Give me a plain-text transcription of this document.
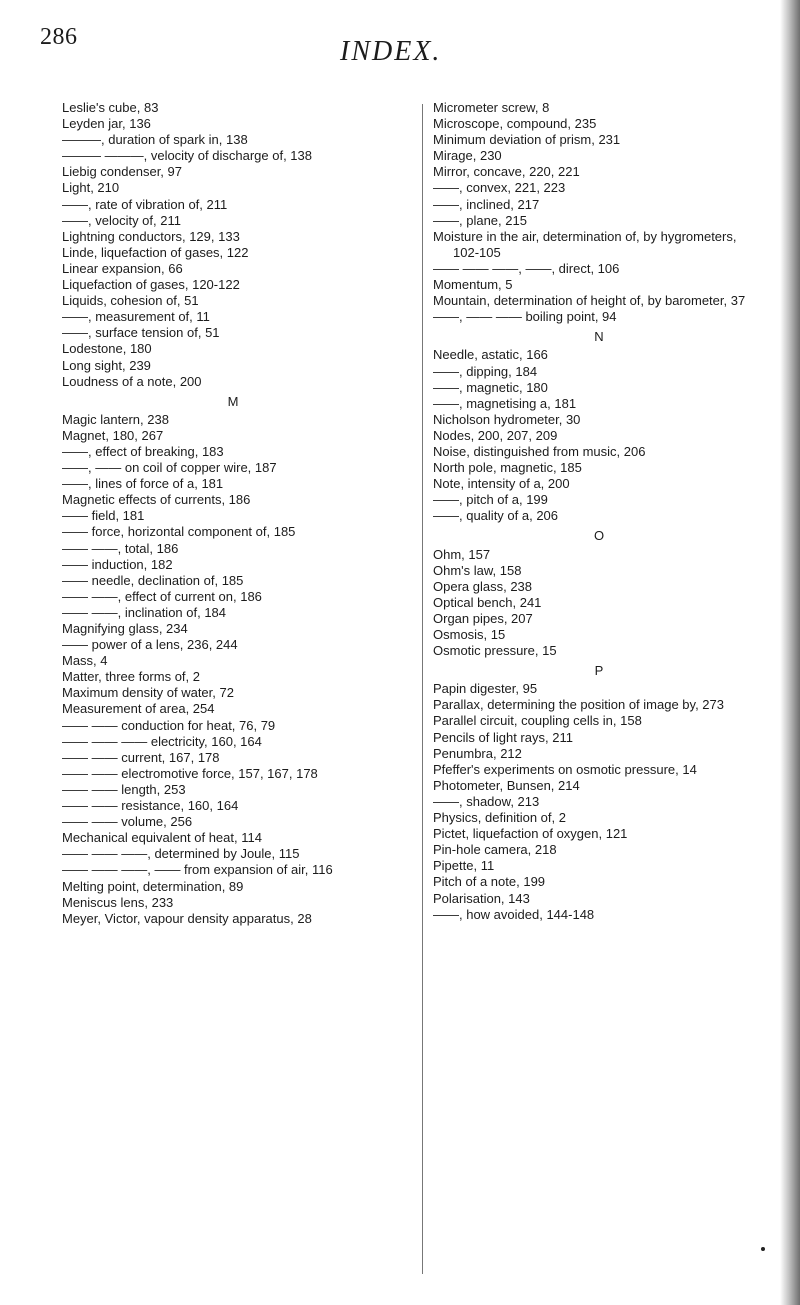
286	INDEX.
Leslie's cube, 83
Leyden jar, 136
———, duration of spark in, 138
——— ———, velocity of discharge of, 138
Liebig condenser, 97
Light, 210
——, rate of vibration of, 211
——, velocity of, 211
Lightning conductors, 129, 133
Linde, liquefaction of gases, 122
Linear expansion, 66
Liquefaction of gases, 120-122
Liquids, cohesion of, 51
——, measurement of, 11
——, surface tension of, 51
Lodestone, 180
Long sight, 239
Loudness of a note, 200
M
Magic lantern, 238
Magnet, 180, 267
——, effect of breaking, 183
——, —— on coil of copper wire, 187
——, lines of force of a, 181
Magnetic effects of currents, 186
—— field, 181
—— force, horizontal component of, 185
—— ——, total, 186
—— induction, 182
—— needle, declination of, 185
—— ——, effect of current on, 186
—— ——, inclination of, 184
Magnifying glass, 234
—— power of a lens, 236, 244
Mass, 4
Matter, three forms of, 2
Maximum density of water, 72
Measurement of area, 254
—— —— conduction for heat, 76, 79
—— —— —— electricity, 160, 164
—— —— current, 167, 178
—— —— electromotive force, 157, 167, 178
—— —— length, 253
—— —— resistance, 160, 164
—— —— volume, 256
Mechanical equivalent of heat, 114
—— —— ——, determined by Joule, 115
—— —— ——, —— from expansion of air, 116
Melting point, determination, 89
Meniscus lens, 233
Meyer, Victor, vapour density apparatus, 28
Micrometer screw, 8
Microscope, compound, 235
Minimum deviation of prism, 231
Mirage, 230
Mirror, concave, 220, 221
——, convex, 221, 223
——, inclined, 217
——, plane, 215
Moisture in the air, determination of, by hygrometers, 102-105
—— —— ——, ——, direct, 106
Momentum, 5
Mountain, determination of height of, by barometer, 37
——, —— —— boiling point, 94
N
Needle, astatic, 166
——, dipping, 184
——, magnetic, 180
——, magnetising a, 181
Nicholson hydrometer, 30
Nodes, 200, 207, 209
Noise, distinguished from music, 206
North pole, magnetic, 185
Note, intensity of a, 200
——, pitch of a, 199
——, quality of a, 206
O
Ohm, 157
Ohm's law, 158
Opera glass, 238
Optical bench, 241
Organ pipes, 207
Osmosis, 15
Osmotic pressure, 15
P
Papin digester, 95
Parallax, determining the position of image by, 273
Parallel circuit, coupling cells in, 158
Pencils of light rays, 211
Penumbra, 212
Pfeffer's experiments on osmotic pressure, 14
Photometer, Bunsen, 214
——, shadow, 213
Physics, definition of, 2
Pictet, liquefaction of oxygen, 121
Pin-hole camera, 218
Pipette, 11
Pitch of a note, 199
Polarisation, 143
——, how avoided, 144-148
